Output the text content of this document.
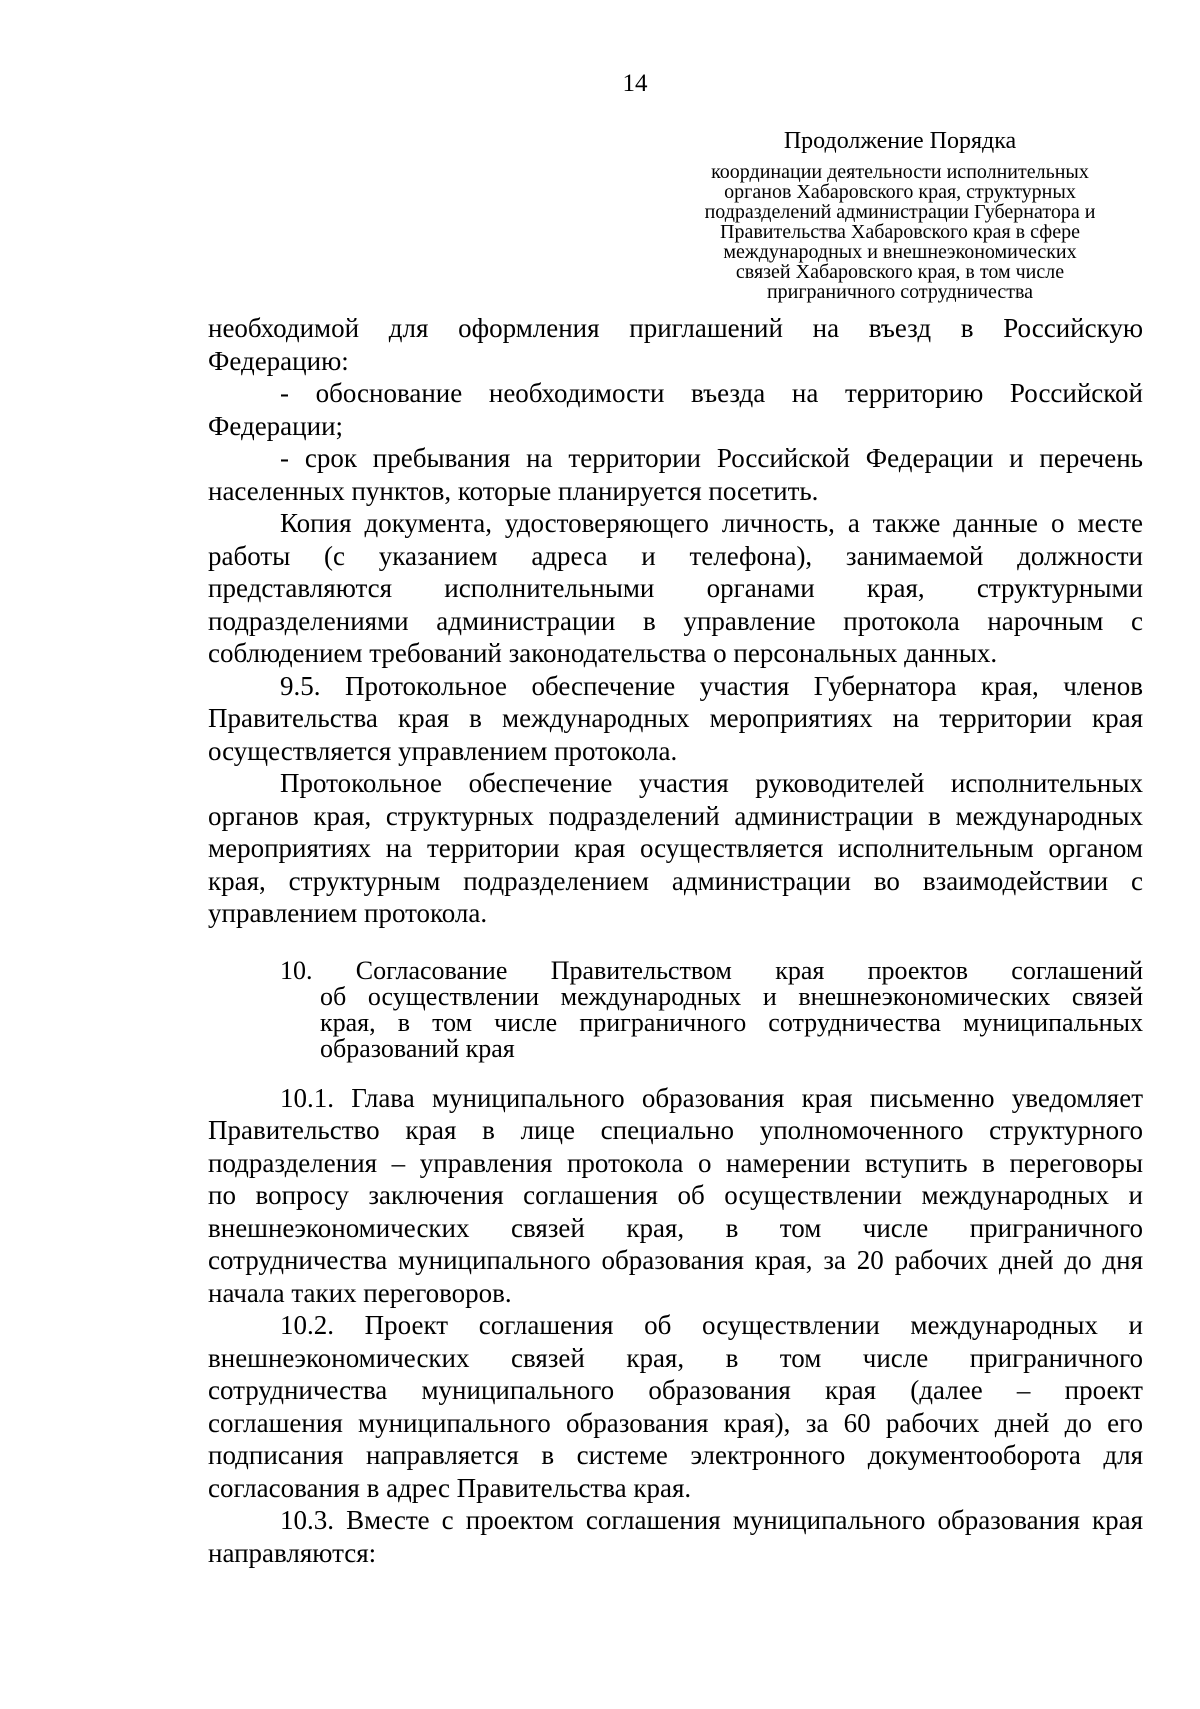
14
Продолжение Порядка
координации деятельности исполнительных
органов Хабаровского края, структурных
подразделений администрации Губернатора и
Правительства Хабаровского края в сфере
международных и внешнеэкономических
связей Хабаровского края, в том числе
приграничного сотрудничества
необходимой для оформления приглашений на въезд в Российскую
Федерацию:
- обоснование необходимости въезда на территорию Российской
Федерации;
- срок пребывания на территории Российской Федерации и перечень
населенных пунктов, которые планируется посетить.
Копия документа, удостоверяющего личность, а также данные о месте
работы (с указанием адреса и телефона), занимаемой должности
представляются исполнительными органами края, структурными
подразделениями администрации в управление протокола нарочным с
соблюдением требований законодательства о персональных данных.
9.5. Протокольное обеспечение участия Губернатора края, членов
Правительства края в международных мероприятиях на территории края
осуществляется управлением протокола.
Протокольное обеспечение участия руководителей исполнительных
органов края, структурных подразделений администрации в международных
мероприятиях на территории края осуществляется исполнительным органом
края, структурным подразделением администрации во взаимодействии с
управлением протокола.
10. Согласование Правительством края проектов соглашений
об осуществлении международных и внешнеэкономических связей
края, в том числе приграничного сотрудничества муниципальных
образований края
10.1. Глава муниципального образования края письменно уведомляет
Правительство края в лице специально уполномоченного структурного
подразделения – управления протокола о намерении вступить в переговоры
по вопросу заключения соглашения об осуществлении международных и
внешнеэкономических связей края, в том числе приграничного
сотрудничества муниципального образования края, за 20 рабочих дней до дня
начала таких переговоров.
10.2. Проект соглашения об осуществлении международных и
внешнеэкономических связей края, в том числе приграничного
сотрудничества муниципального образования края (далее – проект
соглашения муниципального образования края), за 60 рабочих дней до его
подписания направляется в системе электронного документооборота для
согласования в адрес Правительства края.
10.3. Вместе с проектом соглашения муниципального образования края
направляются:
